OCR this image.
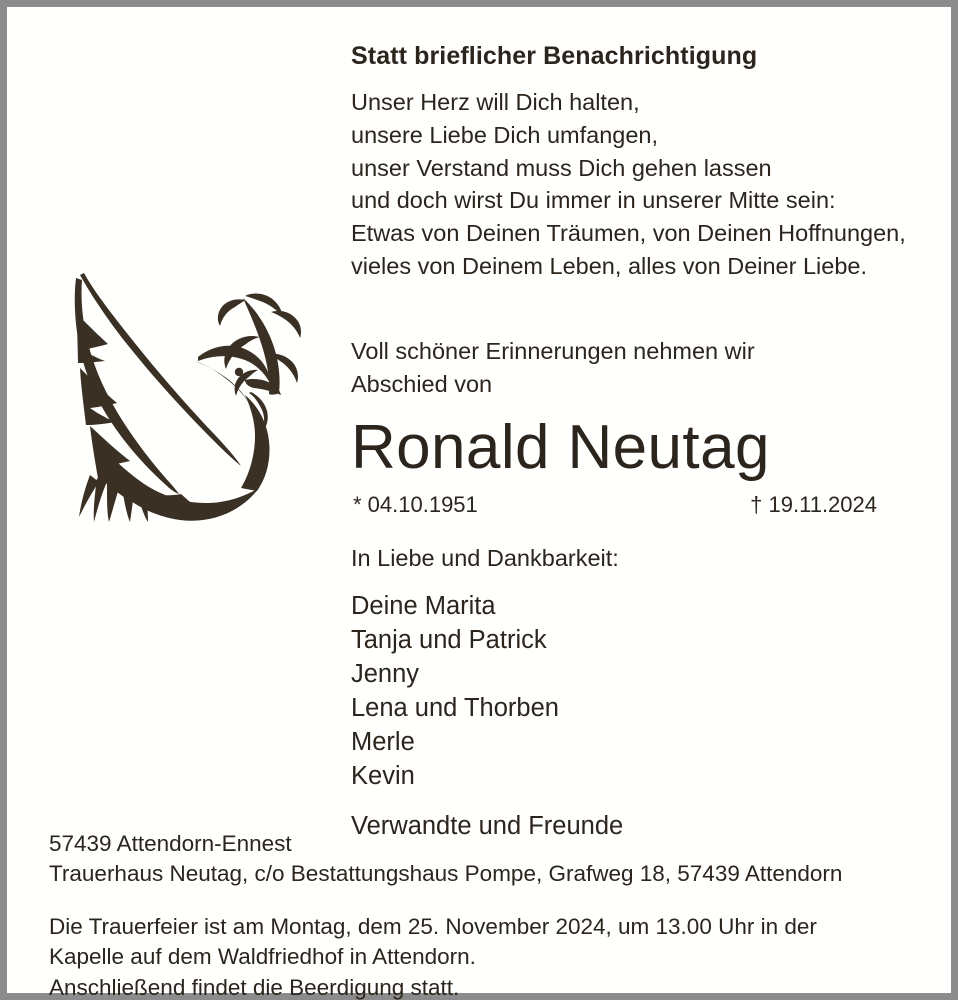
Statt brieflicher Benachrichtigung
Unser Herz will Dich halten,
unsere Liebe Dich umfangen,
unser Verstand muss Dich gehen lassen
und doch wirst Du immer in unserer Mitte sein:
Etwas von Deinen Träumen, von Deinen Hoffnungen,
vieles von Deinem Leben, alles von Deiner Liebe.
Voll schöner Erinnerungen nehmen wir
Abschied von
Ronald Neutag
* 04.10.1951	† 19.11.2024
In Liebe und Dankbarkeit:
Deine Marita
Tanja und Patrick
Jenny
Lena und Thorben
Merle
Kevin
Verwandte und Freunde
57439 Attendorn-Ennest
Trauerhaus Neutag, c/o Bestattungshaus Pompe, Grafweg 18, 57439 Attendorn
Die Trauerfeier ist am Montag, dem 25. November 2024, um 13.00 Uhr in der
Kapelle auf dem Waldfriedhof in Attendorn.
Anschließend findet die Beerdigung statt.
